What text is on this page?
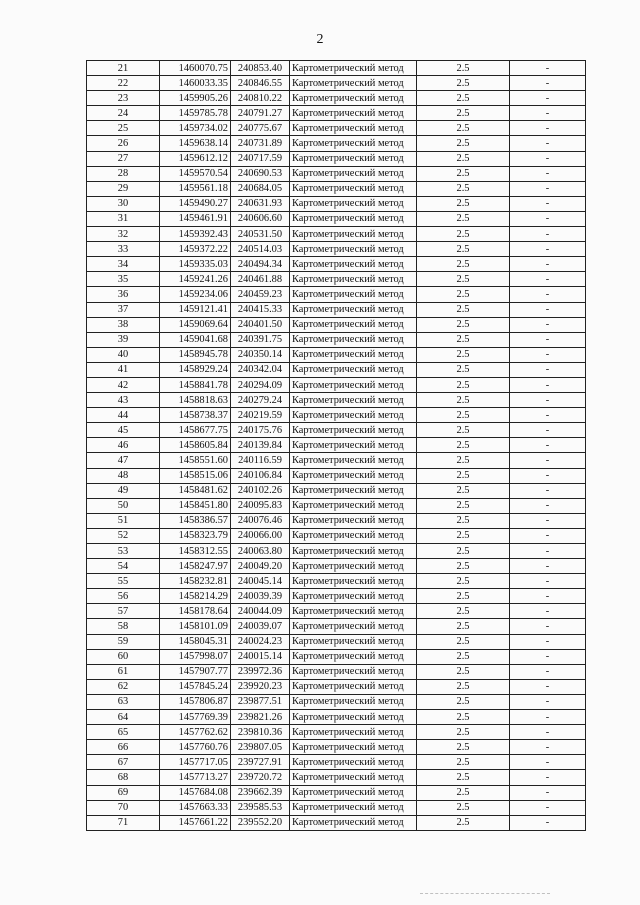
2
21	1460070.75	240853.40	Картометрический метод	2.5	-
22	1460033.35	240846.55	Картометрический метод	2.5	-
23	1459905.26	240810.22	Картометрический метод	2.5	-
24	1459785.78	240791.27	Картометрический метод	2.5	-
25	1459734.02	240775.67	Картометрический метод	2.5	-
26	1459638.14	240731.89	Картометрический метод	2.5	-
27	1459612.12	240717.59	Картометрический метод	2.5	-
28	1459570.54	240690.53	Картометрический метод	2.5	-
29	1459561.18	240684.05	Картометрический метод	2.5	-
30	1459490.27	240631.93	Картометрический метод	2.5	-
31	1459461.91	240606.60	Картометрический метод	2.5	-
32	1459392.43	240531.50	Картометрический метод	2.5	-
33	1459372.22	240514.03	Картометрический метод	2.5	-
34	1459335.03	240494.34	Картометрический метод	2.5	-
35	1459241.26	240461.88	Картометрический метод	2.5	-
36	1459234.06	240459.23	Картометрический метод	2.5	-
37	1459121.41	240415.33	Картометрический метод	2.5	-
38	1459069.64	240401.50	Картометрический метод	2.5	-
39	1459041.68	240391.75	Картометрический метод	2.5	-
40	1458945.78	240350.14	Картометрический метод	2.5	-
41	1458929.24	240342.04	Картометрический метод	2.5	-
42	1458841.78	240294.09	Картометрический метод	2.5	-
43	1458818.63	240279.24	Картометрический метод	2.5	-
44	1458738.37	240219.59	Картометрический метод	2.5	-
45	1458677.75	240175.76	Картометрический метод	2.5	-
46	1458605.84	240139.84	Картометрический метод	2.5	-
47	1458551.60	240116.59	Картометрический метод	2.5	-
48	1458515.06	240106.84	Картометрический метод	2.5	-
49	1458481.62	240102.26	Картометрический метод	2.5	-
50	1458451.80	240095.83	Картометрический метод	2.5	-
51	1458386.57	240076.46	Картометрический метод	2.5	-
52	1458323.79	240066.00	Картометрический метод	2.5	-
53	1458312.55	240063.80	Картометрический метод	2.5	-
54	1458247.97	240049.20	Картометрический метод	2.5	-
55	1458232.81	240045.14	Картометрический метод	2.5	-
56	1458214.29	240039.39	Картометрический метод	2.5	-
57	1458178.64	240044.09	Картометрический метод	2.5	-
58	1458101.09	240039.07	Картометрический метод	2.5	-
59	1458045.31	240024.23	Картометрический метод	2.5	-
60	1457998.07	240015.14	Картометрический метод	2.5	-
61	1457907.77	239972.36	Картометрический метод	2.5	-
62	1457845.24	239920.23	Картометрический метод	2.5	-
63	1457806.87	239877.51	Картометрический метод	2.5	-
64	1457769.39	239821.26	Картометрический метод	2.5	-
65	1457762.62	239810.36	Картометрический метод	2.5	-
66	1457760.76	239807.05	Картометрический метод	2.5	-
67	1457717.05	239727.91	Картометрический метод	2.5	-
68	1457713.27	239720.72	Картометрический метод	2.5	-
69	1457684.08	239662.39	Картометрический метод	2.5	-
70	1457663.33	239585.53	Картометрический метод	2.5	-
71	1457661.22	239552.20	Картометрический метод	2.5	-
